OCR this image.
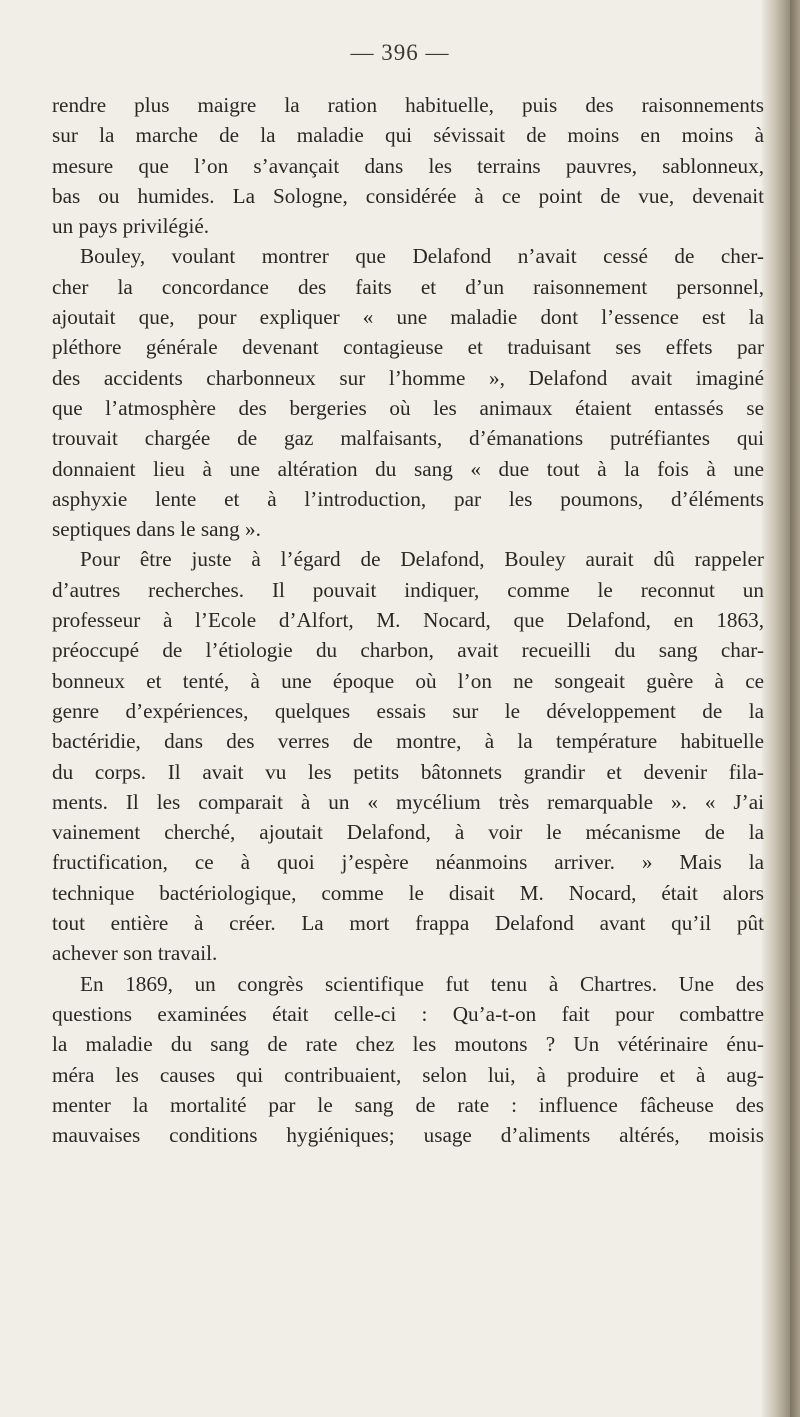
— 396 —

rendre plus maigre la ration habituelle, puis des raisonnements
sur la marche de la maladie qui sévissait de moins en moins à
mesure que l’on s’avançait dans les terrains pauvres, sablonneux,
bas ou humides. La Sologne, considérée à ce point de vue, devenait
un pays privilégié.

Bouley, voulant montrer que Delafond n’avait cessé de cher-
cher la concordance des faits et d’un raisonnement personnel,
ajoutait que, pour expliquer « une maladie dont l’essence est la
pléthore générale devenant contagieuse et traduisant ses effets par
des accidents charbonneux sur l’homme », Delafond avait imaginé
que l’atmosphère des bergeries où les animaux étaient entassés se
trouvait chargée de gaz malfaisants, d’émanations putréfiantes qui
donnaient lieu à une altération du sang « due tout à la fois à une
asphyxie lente et à l’introduction, par les poumons, d’éléments
septiques dans le sang ».

Pour être juste à l’égard de Delafond, Bouley aurait dû rappeler
d’autres recherches. Il pouvait indiquer, comme le reconnut un
professeur à l’Ecole d’Alfort, M. Nocard, que Delafond, en 1863,
préoccupé de l’étiologie du charbon, avait recueilli du sang char-
bonneux et tenté, à une époque où l’on ne songeait guère à ce
genre d’expériences, quelques essais sur le développement de la
bactéridie, dans des verres de montre, à la température habituelle
du corps. Il avait vu les petits bâtonnets grandir et devenir fila-
ments. Il les comparait à un « mycélium très remarquable ». « J’ai
vainement cherché, ajoutait Delafond, à voir le mécanisme de la
fructification, ce à quoi j’espère néanmoins arriver. » Mais la
technique bactériologique, comme le disait M. Nocard, était alors
tout entière à créer. La mort frappa Delafond avant qu’il pût
achever son travail.

En 1869, un congrès scientifique fut tenu à Chartres. Une des
questions examinées était celle-ci : Qu’a-t-on fait pour combattre
la maladie du sang de rate chez les moutons ? Un vétérinaire énu-
méra les causes qui contribuaient, selon lui, à produire et à aug-
menter la mortalité par le sang de rate : influence fâcheuse des
mauvaises conditions hygiéniques; usage d’aliments altérés, moisis
